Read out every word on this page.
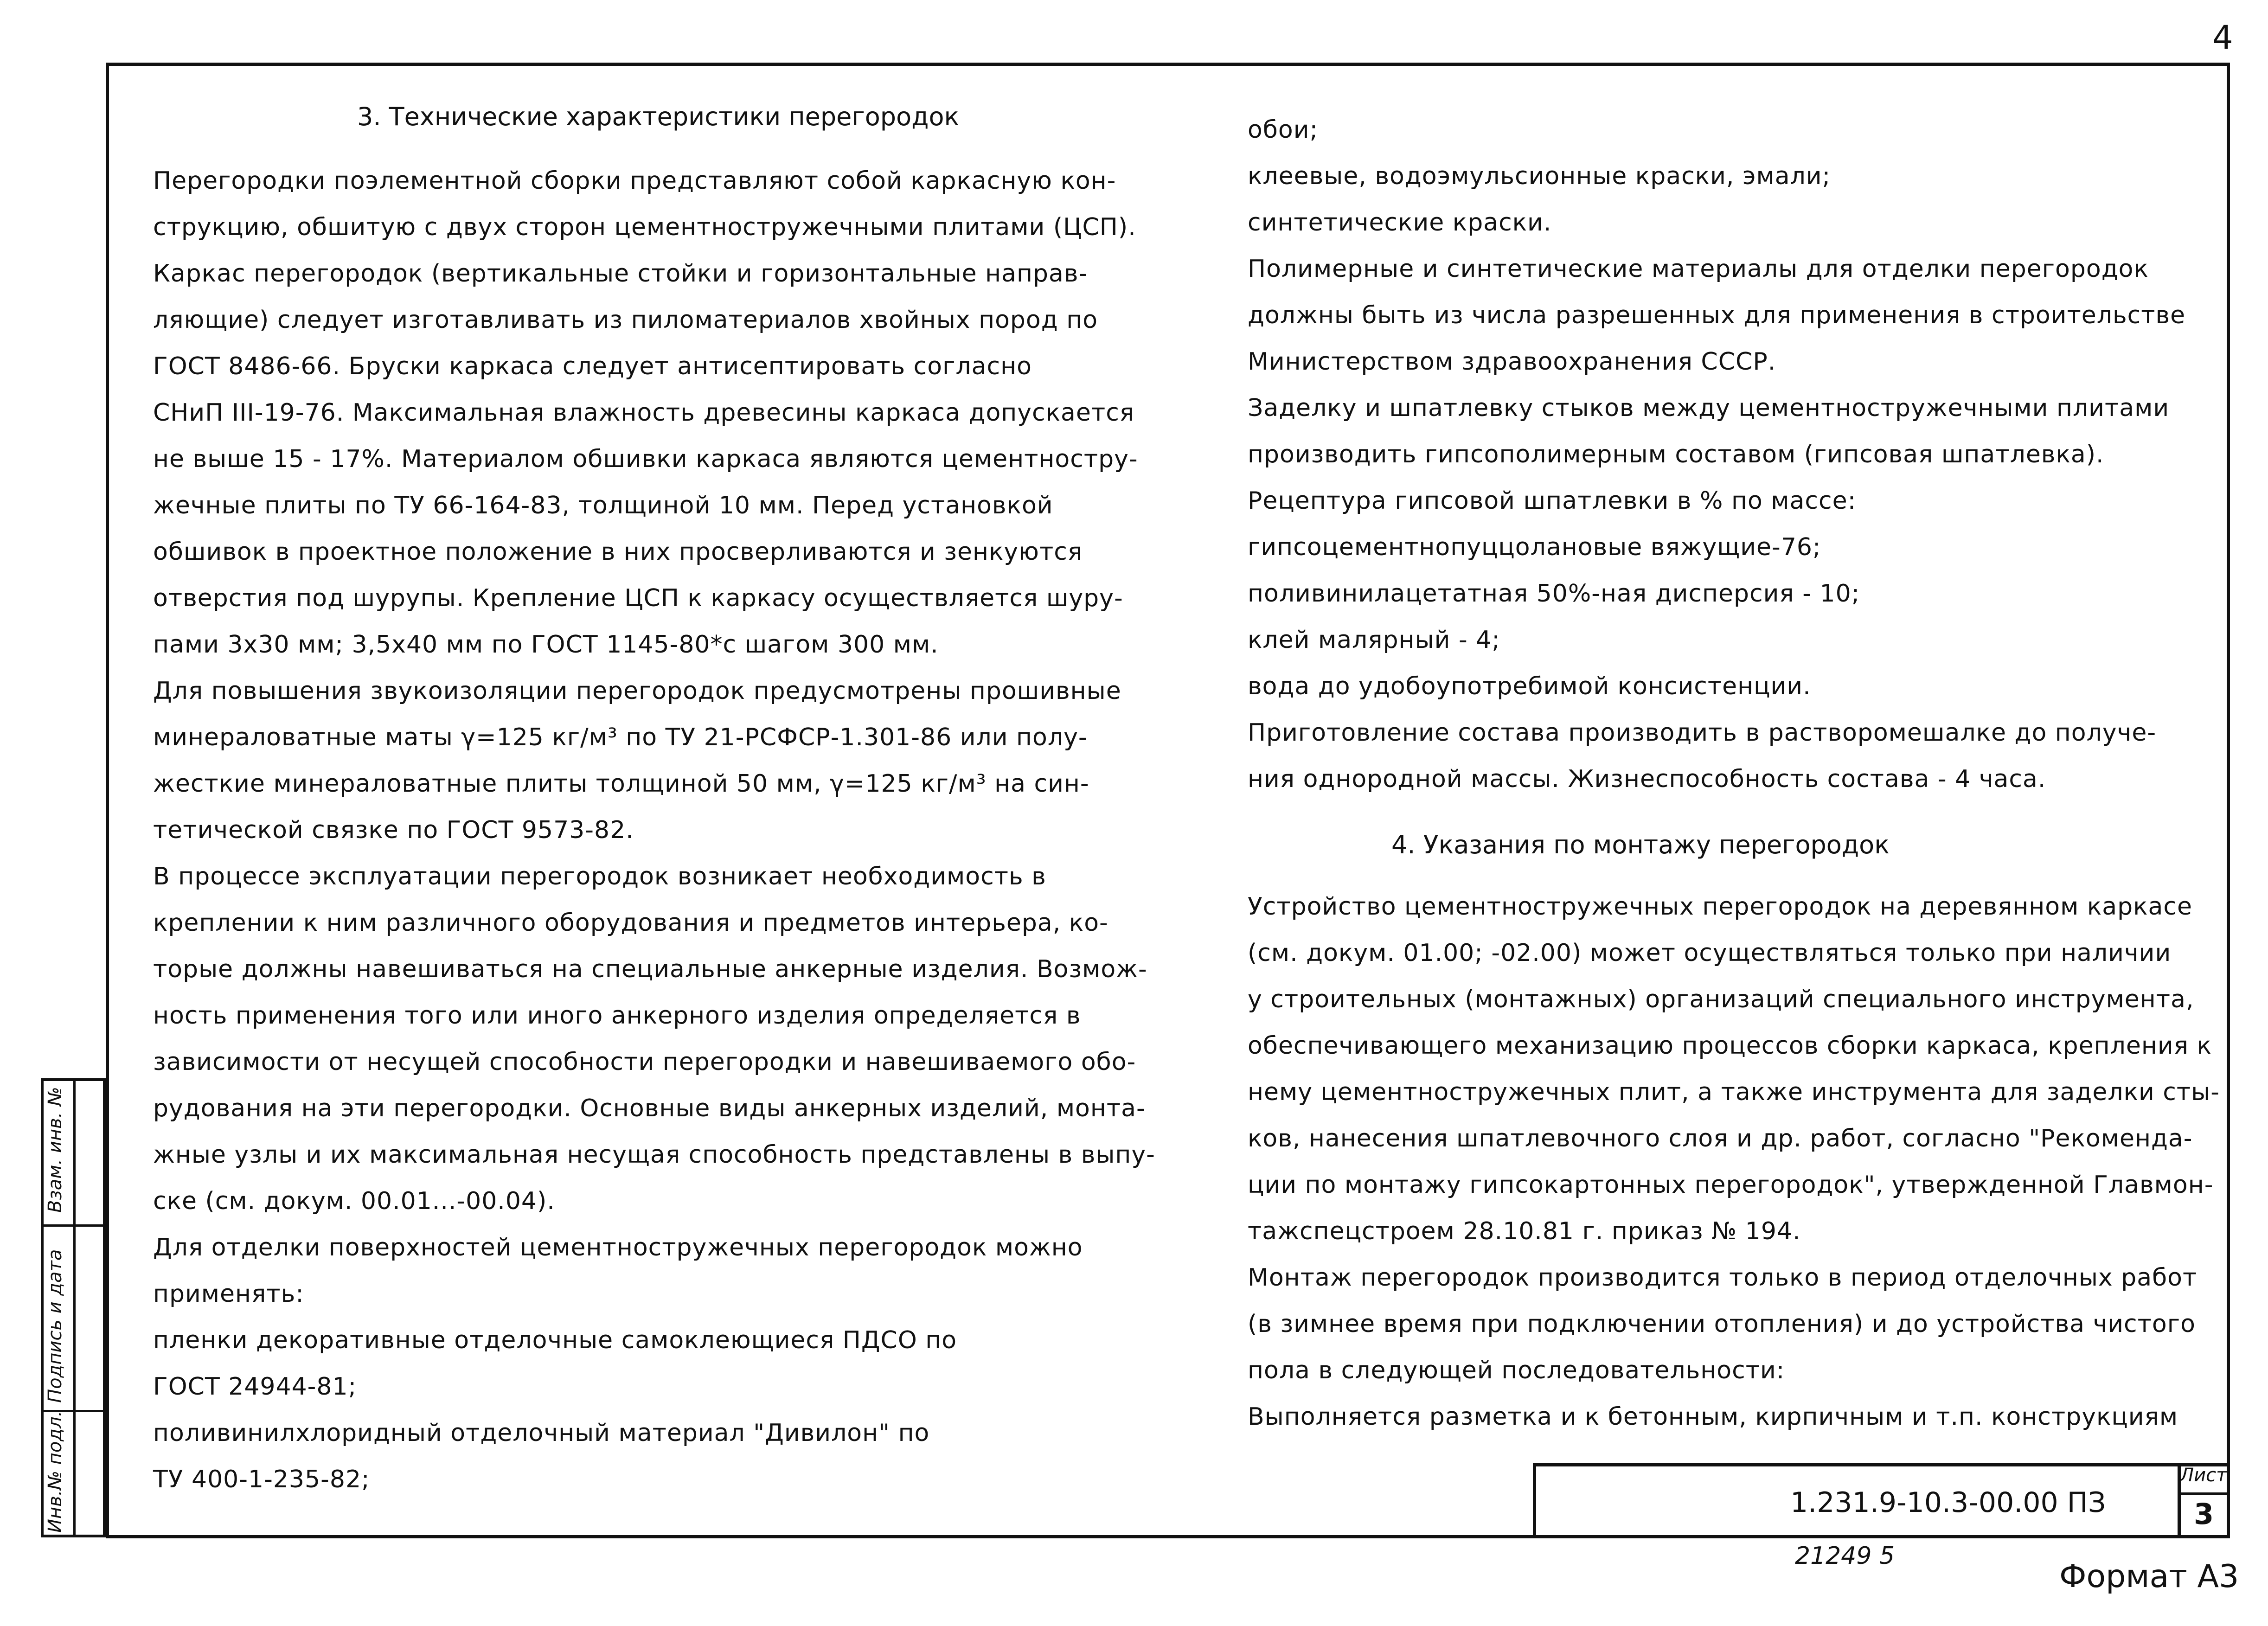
4
3. Технические характеристики перегородок

Перегородки поэлементной сборки представляют собой каркасную кон-

струкцию, обшитую с двух сторон цементностружечными плитами (ЦСП).

Каркас перегородок (вертикальные стойки и горизонтальные направ-

ляющие) следует изготавливать из пиломатериалов хвойных пород по

ГОСТ 8486-66. Бруски каркаса следует антисептировать согласно

СНиП III-19-76. Максимальная влажность древесины каркаса допускается

не выше 15 - 17%. Материалом обшивки каркаса являются цементностру-

жечные плиты по ТУ 66-164-83, толщиной 10 мм. Перед установкой

обшивок в проектное положение в них просверливаются и зенкуются

отверстия под шурупы. Крепление ЦСП к каркасу осуществляется шуру-

пами 3х30 мм; 3,5х40 мм по ГОСТ 1145-80*с шагом 300 мм.

Для повышения звукоизоляции перегородок предусмотрены прошивные

минераловатные маты γ=125 кг/м³ по ТУ 21-РСФСР-1.301-86 или полу-

жесткие минераловатные плиты толщиной 50 мм, γ=125 кг/м³ на син-

тетической связке по ГОСТ 9573-82.

В процессе эксплуатации перегородок возникает необходимость в

креплении к ним различного оборудования и предметов интерьера, ко-

торые должны навешиваться на специальные анкерные изделия. Возмож-

ность применения того или иного анкерного изделия определяется в

зависимости от несущей способности перегородки и навешиваемого обо-

рудования на эти перегородки. Основные виды анкерных изделий, монта-

жные узлы и их максимальная несущая способность представлены в выпу-

ске (см. докум. 00.01...-00.04).

Для отделки поверхностей цементностружечных перегородок можно

применять:

пленки декоративные отделочные самоклеющиеся ПДСО по

ГОСТ 24944-81;

поливинилхлоридный отделочный материал "Дивилон" по

ТУ 400-1-235-82;

обои;

клеевые, водоэмульсионные краски, эмали;

синтетические краски.

Полимерные и синтетические материалы для отделки перегородок

должны быть из числа разрешенных для применения в строительстве

Министерством здравоохранения СССР.

Заделку и шпатлевку стыков между цементностружечными плитами

производить гипсополимерным составом (гипсовая шпатлевка).

Рецептура гипсовой шпатлевки в % по массе:

гипсоцементнопуццолановые вяжущие-76;

поливинилацетатная 50%-ная дисперсия - 10;

клей малярный - 4;

вода до удобоупотребимой консистенции.

Приготовление состава производить в растворомешалке до получе-

ния однородной массы. Жизнеспособность состава - 4 часа.

4. Указания по монтажу перегородок

Устройство цементностружечных перегородок на деревянном каркасе

(см. докум. 01.00; -02.00) может осуществляться только при наличии

у строительных (монтажных) организаций специального инструмента,

обеспечивающего механизацию процессов сборки каркаса, крепления к

нему цементностружечных плит, а также инструмента для заделки сты-

ков, нанесения шпатлевочного слоя и др. работ, согласно "Рекоменда-

ции по монтажу гипсокартонных перегородок", утвержденной Главмон-

тажспецстроем 28.10.81 г. приказ № 194.

Монтаж перегородок производится только в период отделочных работ

(в зимнее время при подключении отопления) и до устройства чистого

пола в следующей последовательности:

Выполняется разметка и к бетонным, кирпичным и т.п. конструкциям

1.231.9-10.3-00.00 ПЗ
Лист
3
Взам. инв. №
Подпись и дата
Инв.№ подл.
21249 5
Формат А3
